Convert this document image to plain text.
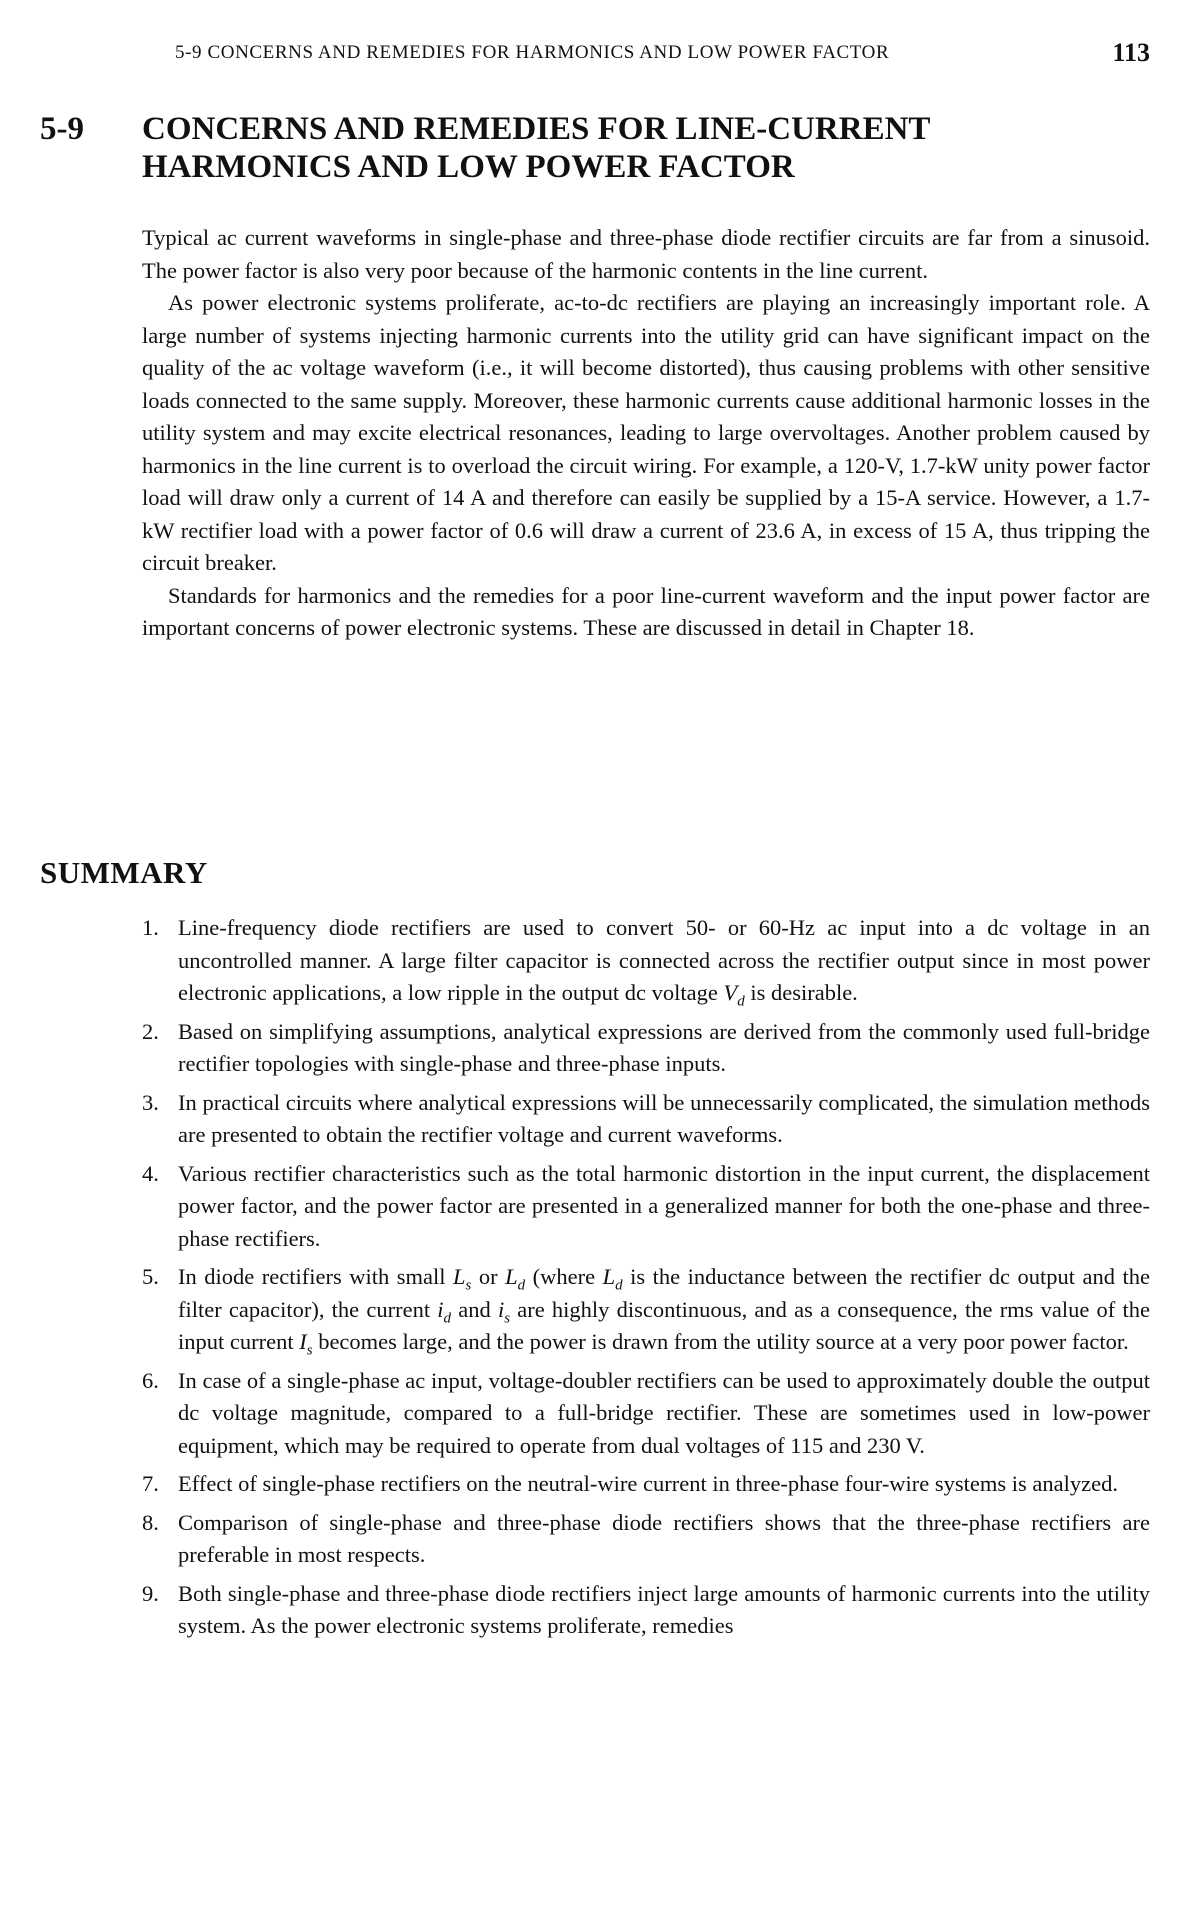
5-9 CONCERNS AND REMEDIES FOR HARMONICS AND LOW POWER FACTOR	113
5-9 CONCERNS AND REMEDIES FOR LINE-CURRENT HARMONICS AND LOW POWER FACTOR

Typical ac current waveforms in single-phase and three-phase diode rectifier circuits are far from a sinusoid. The power factor is also very poor because of the harmonic contents in the line current.

As power electronic systems proliferate, ac-to-dc rectifiers are playing an increasingly important role. A large number of systems injecting harmonic currents into the utility grid can have significant impact on the quality of the ac voltage waveform (i.e., it will become distorted), thus causing problems with other sensitive loads connected to the same supply. Moreover, these harmonic currents cause additional harmonic losses in the utility system and may excite electrical resonances, leading to large overvoltages. Another problem caused by harmonics in the line current is to overload the circuit wiring. For example, a 120-V, 1.7-kW unity power factor load will draw only a current of 14 A and therefore can easily be supplied by a 15-A service. However, a 1.7-kW rectifier load with a power factor of 0.6 will draw a current of 23.6 A, in excess of 15 A, thus tripping the circuit breaker.

Standards for harmonics and the remedies for a poor line-current waveform and the input power factor are important concerns of power electronic systems. These are discussed in detail in Chapter 18.

SUMMARY
1. Line-frequency diode rectifiers are used to convert 50- or 60-Hz ac input into a dc voltage in an uncontrolled manner. A large filter capacitor is connected across the rectifier output since in most power electronic applications, a low ripple in the output dc voltage $V_d$ is desirable.
2. Based on simplifying assumptions, analytical expressions are derived from the commonly used full-bridge rectifier topologies with single-phase and three-phase inputs.
3. In practical circuits where analytical expressions will be unnecessarily complicated, the simulation methods are presented to obtain the rectifier voltage and current waveforms.
4. Various rectifier characteristics such as the total harmonic distortion in the input current, the displacement power factor, and the power factor are presented in a generalized manner for both the one-phase and three-phase rectifiers.
5. In diode rectifiers with small $L_s$ or $L_d$ (where $L_d$ is the inductance between the rectifier dc output and the filter capacitor), the current $i_d$ and $i_s$ are highly discontinuous, and as a consequence, the rms value of the input current $I_s$ becomes large, and the power is drawn from the utility source at a very poor power factor.
6. In case of a single-phase ac input, voltage-doubler rectifiers can be used to approximately double the output dc voltage magnitude, compared to a full-bridge rectifier. These are sometimes used in low-power equipment, which may be required to operate from dual voltages of 115 and 230 V.
7. Effect of single-phase rectifiers on the neutral-wire current in three-phase four-wire systems is analyzed.
8. Comparison of single-phase and three-phase diode rectifiers shows that the three-phase rectifiers are preferable in most respects.
9. Both single-phase and three-phase diode rectifiers inject large amounts of harmonic currents into the utility system. As the power electronic systems proliferate, remedies
